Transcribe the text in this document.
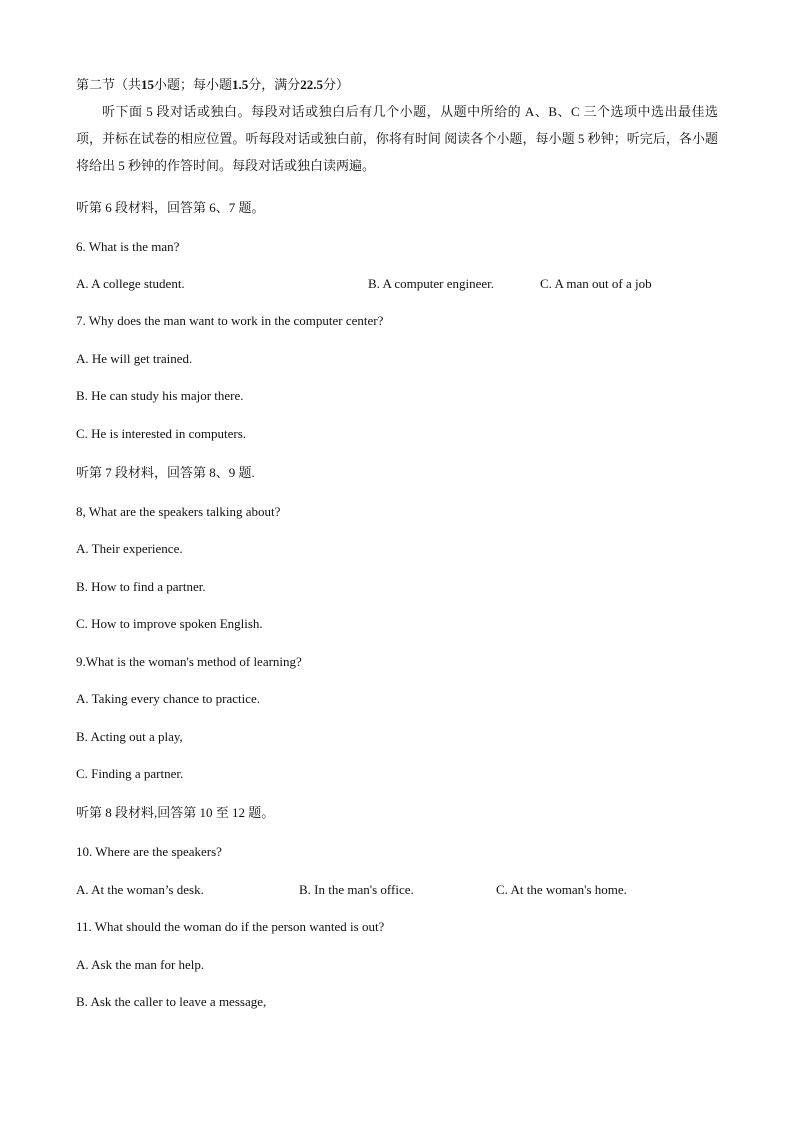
第二节（共15小题；每小题1.5分，满分22.5分）
听下面 5 段对话或独白。每段对话或独白后有几个小题，从题中所给的 A、B、C 三个选项中选出最佳选项，并标在试卷的相应位置。听每段对话或独白前，你将有时间 阅读各个小题，每小题 5 秒钟；听完后，各小题将给出 5 秒钟的作答时间。每段对话或独白读两遍。
听第 6 段材料，回答第 6、7 题。
6. What is the man?
A. A college student.	B. A computer engineer.	C. A man out of a job
7. Why does the man want to work in the computer center?
A. He will get trained.
B. He can study his major there.
C. He is interested in computers.
听第 7 段材料，回答第 8、9 题.
8, What are the speakers talking about?
A. Their experience.
B. How to find a partner.
C. How to improve spoken English.
9.What is the woman's method of learning?
A. Taking every chance to practice.
B. Acting out a play,
C. Finding a partner.
听第 8 段材料,回答第 10 至 12 题。
10. Where are the speakers?
A. At the woman’s desk.	B. In the man's office.	C. At the woman's home.
11. What should the woman do if the person wanted is out?
A. Ask the man for help.
B. Ask the caller to leave a message,
